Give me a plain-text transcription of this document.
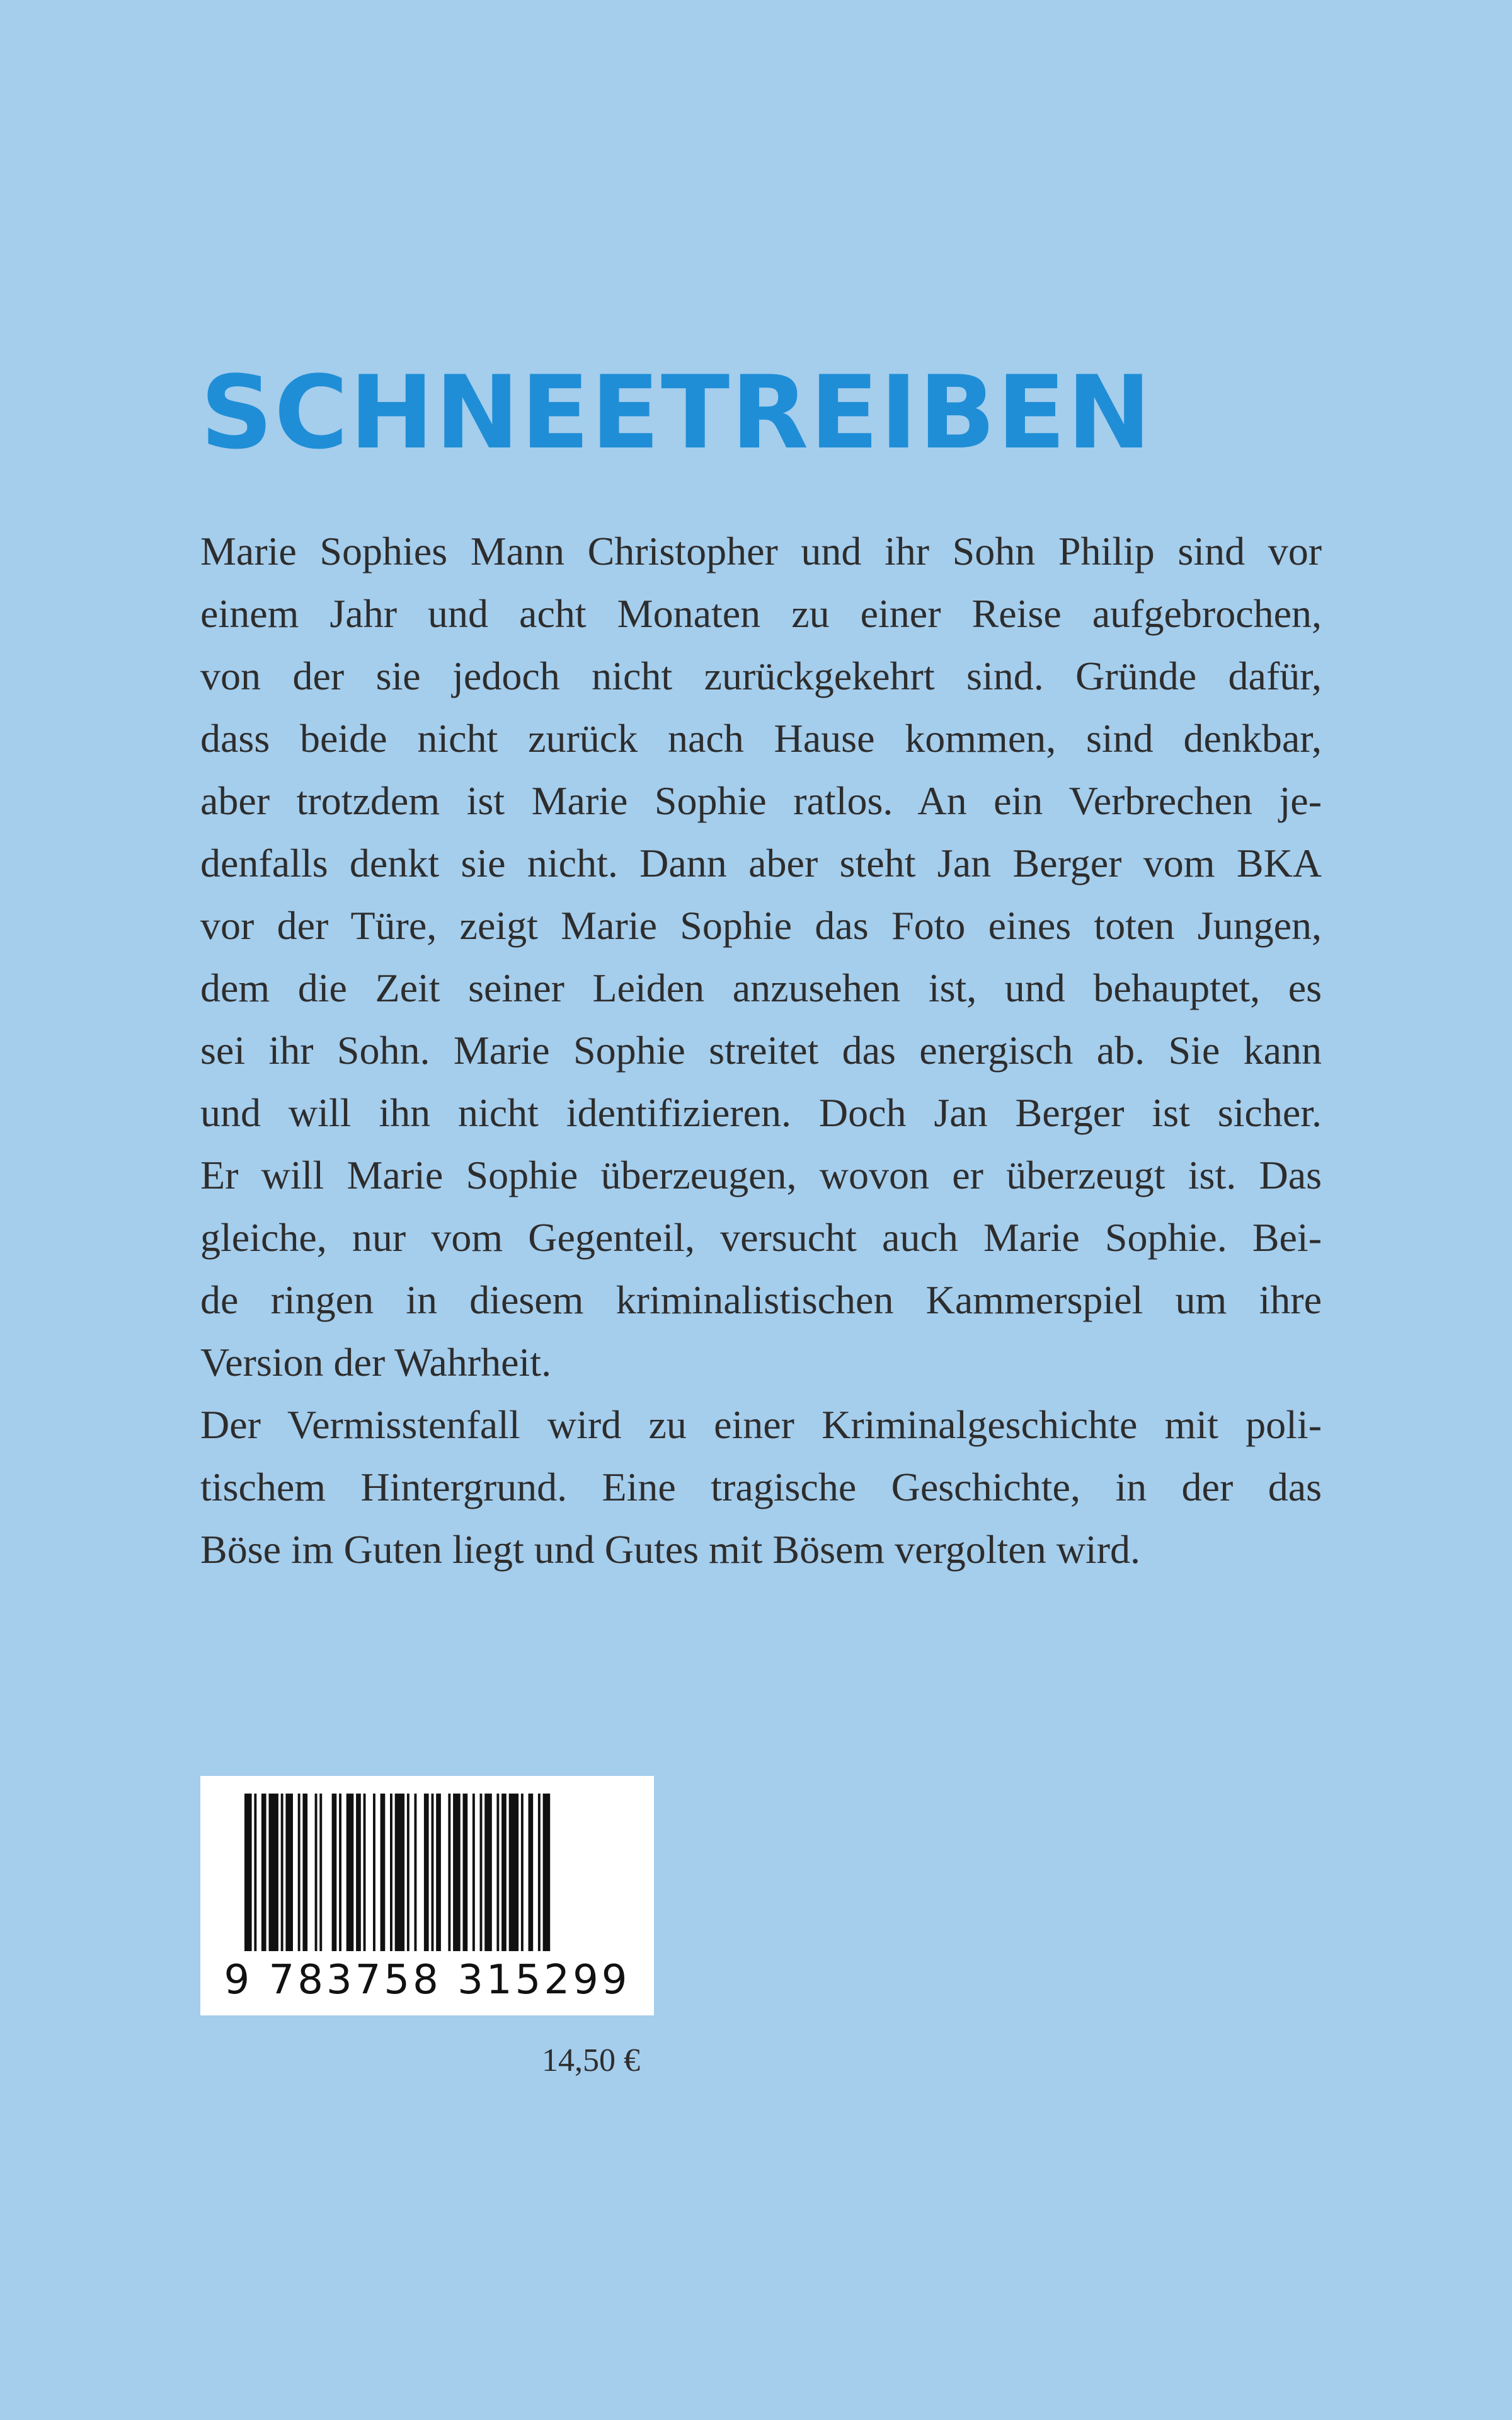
SCHNEETREIBEN
Marie Sophies Mann Christopher und ihr Sohn Philip sind vor
einem Jahr und acht Monaten zu einer Reise aufgebrochen,
von der sie jedoch nicht zurückgekehrt sind. Gründe dafür,
dass beide nicht zurück nach Hause kommen, sind denkbar,
aber trotzdem ist Marie Sophie ratlos. An ein Verbrechen je-
denfalls denkt sie nicht. Dann aber steht Jan Berger vom BKA
vor der Türe, zeigt Marie Sophie das Foto eines toten Jungen,
dem die Zeit seiner Leiden anzusehen ist, und behauptet, es
sei ihr Sohn. Marie Sophie streitet das energisch ab. Sie kann
und will ihn nicht identifizieren. Doch Jan Berger ist sicher.
Er will Marie Sophie überzeugen, wovon er überzeugt ist. Das
gleiche, nur vom Gegenteil, versucht auch Marie Sophie. Bei-
de ringen in diesem kriminalistischen Kammerspiel um ihre
Version der Wahrheit.
Der Vermisstenfall wird zu einer Kriminalgeschichte mit poli-
tischem Hintergrund. Eine tragische Geschichte, in der das
Böse im Guten liegt und Gutes mit Bösem vergolten wird.
9 783758 315299
14,50 €
